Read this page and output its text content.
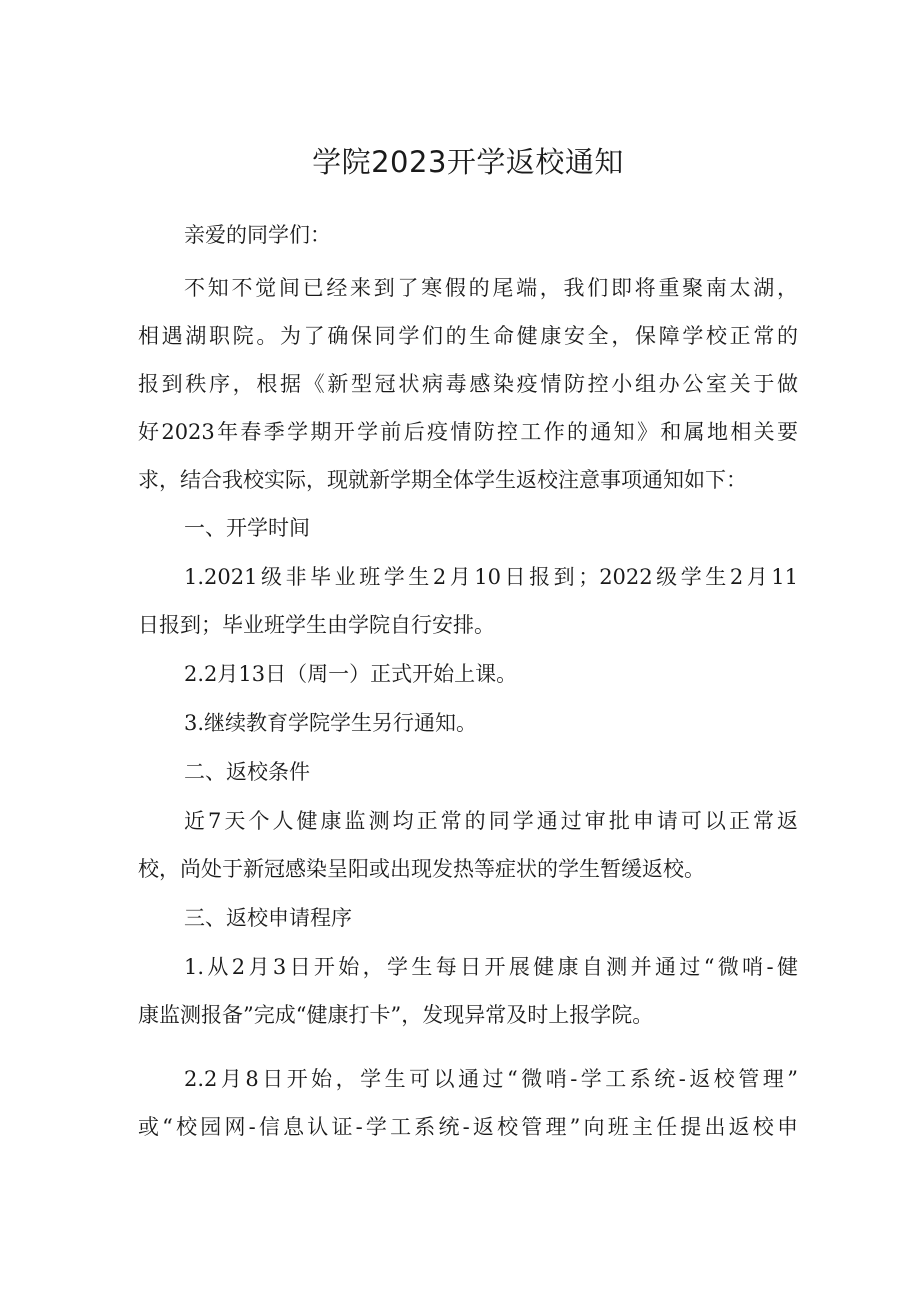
学院2023开学返校通知

亲爱的同学们：

不知不觉间已经来到了寒假的尾端，我们即将重聚南太湖，
相遇湖职院。为了确保同学们的生命健康安全，保障学校正常的
报到秩序，根据《新型冠状病毒感染疫情防控小组办公室关于做
好2023年春季学期开学前后疫情防控工作的通知》和属地相关要
求，结合我校实际，现就新学期全体学生返校注意事项通知如下：

一、开学时间

1.2021级非毕业班学生2月10日报到；2022级学生2月11
日报到；毕业班学生由学院自行安排。

2.2月13日（周一）正式开始上课。

3.继续教育学院学生另行通知。

二、返校条件

近7天个人健康监测均正常的同学通过审批申请可以正常返
校，尚处于新冠感染呈阳或出现发热等症状的学生暂缓返校。

三、返校申请程序

1.从2月3日开始，学生每日开展健康自测并通过“微哨-健
康监测报备”完成“健康打卡”，发现异常及时上报学院。

2.2月8日开始，学生可以通过“微哨-学工系统-返校管理”
或“校园网-信息认证-学工系统-返校管理”向班主任提出返校申
